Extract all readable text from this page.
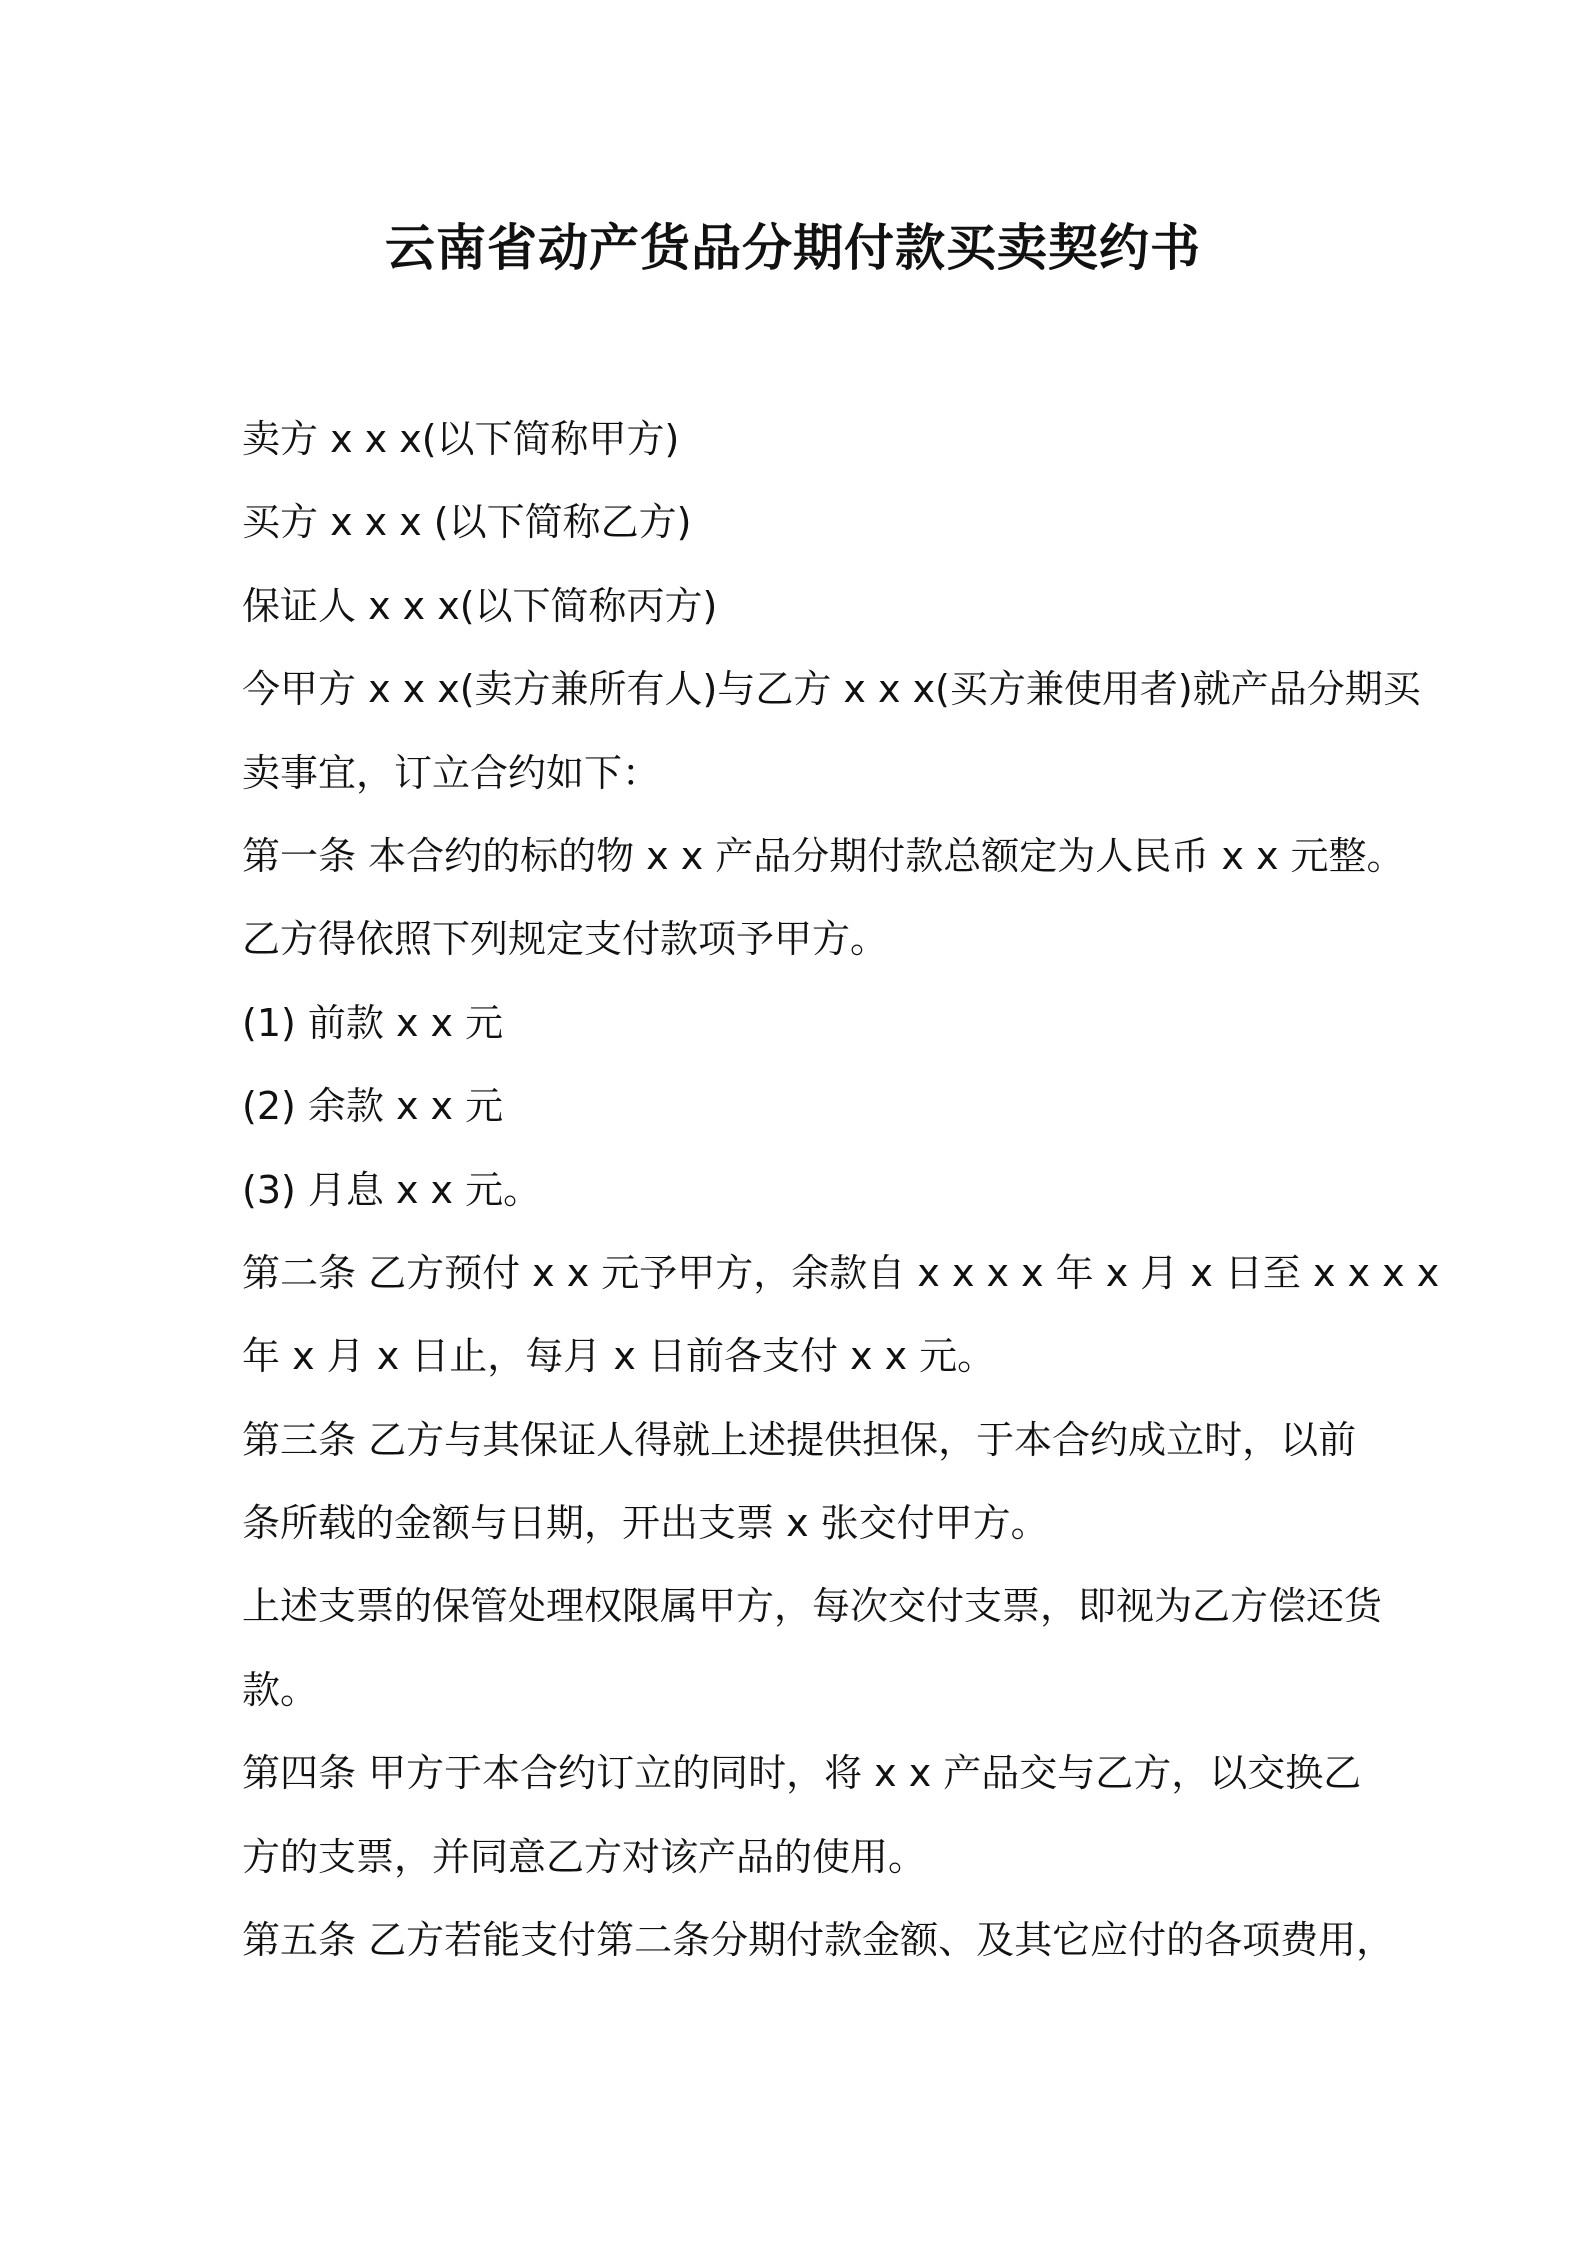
云南省动产货品分期付款买卖契约书
卖方 x x x(以下简称甲方)
买方 x x x (以下简称乙方)
保证人 x x x(以下简称丙方)
今甲方 x x x(卖方兼所有人)与乙方 x x x(买方兼使用者)就产品分期买
卖事宜，订立合约如下：
第一条 本合约的标的物 x x 产品分期付款总额定为人民币 x x 元整。
乙方得依照下列规定支付款项予甲方。
(1) 前款 x x 元
(2) 余款 x x 元
(3) 月息 x x 元。
第二条 乙方预付 x x 元予甲方，余款自 x x x x 年 x 月 x 日至 x x x x
年 x 月 x 日止，每月 x 日前各支付 x x 元。
第三条 乙方与其保证人得就上述提供担保，于本合约成立时，以前
条所载的金额与日期，开出支票 x 张交付甲方。
上述支票的保管处理权限属甲方，每次交付支票，即视为乙方偿还货
款。
第四条 甲方于本合约订立的同时，将 x x 产品交与乙方，以交换乙
方的支票，并同意乙方对该产品的使用。
第五条 乙方若能支付第二条分期付款金额、及其它应付的各项费用，
